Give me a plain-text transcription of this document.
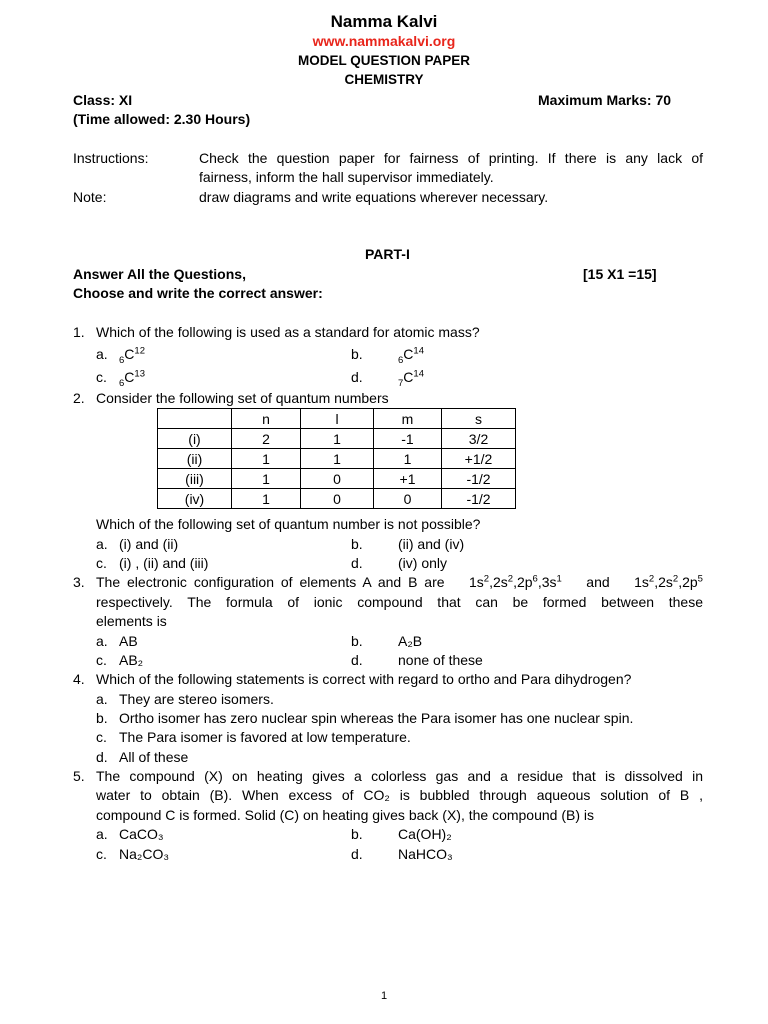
Namma Kalvi
www.nammakalvi.org
MODEL QUESTION PAPER
CHEMISTRY
Class: XI	Maximum Marks: 70
(Time allowed: 2.30 Hours)
Instructions:	Check the question paper for fairness of printing. If there is any lack of
fairness, inform the hall supervisor immediately.
Note:	draw diagrams and write equations wherever necessary.
PART-I
Answer All the Questions,	[15 X1 =15]
Choose and write the correct answer:
1. Which of the following is used as a standard for atomic mass?
a. $_6C^{12}$	b.	$_6C^{14}$
c. $_6C^{13}$	d.	$_7C^{14}$
2. Consider the following set of quantum numbers
	n	l	m	s
(i)	2	1	-1	3/2
(ii)	1	1	1	+1/2
(iii)	1	0	+1	-1/2
(iv)	1	0	0	-1/2
Which of the following set of quantum number is not possible?
a. (i) and (ii)	b.	(ii) and (iv)
c. (i) , (ii) and (iii)	d.	(iv) only
3. The electronic configuration of elements A and B are $1s^2,2s^2,2p^6,3s^1$ and $1s^2,2s^2,2p^5$
respectively. The formula of ionic compound that can be formed between these
elements is
a. AB	b.	A₂B
c. AB₂	d.	none of these
4. Which of the following statements is correct with regard to ortho and Para dihydrogen?
a. They are stereo isomers.
b. Ortho isomer has zero nuclear spin whereas the Para isomer has one nuclear spin.
c. The Para isomer is favored at low temperature.
d. All of these
5. The compound (X) on heating gives a colorless gas and a residue that is dissolved in
water to obtain (B). When excess of CO₂ is bubbled through aqueous solution of B ,
compound C is formed. Solid (C) on heating gives back (X), the compound (B) is
a. CaCO₃	b.	Ca(OH)₂
c. Na₂CO₃	d.	NaHCO₃
1
